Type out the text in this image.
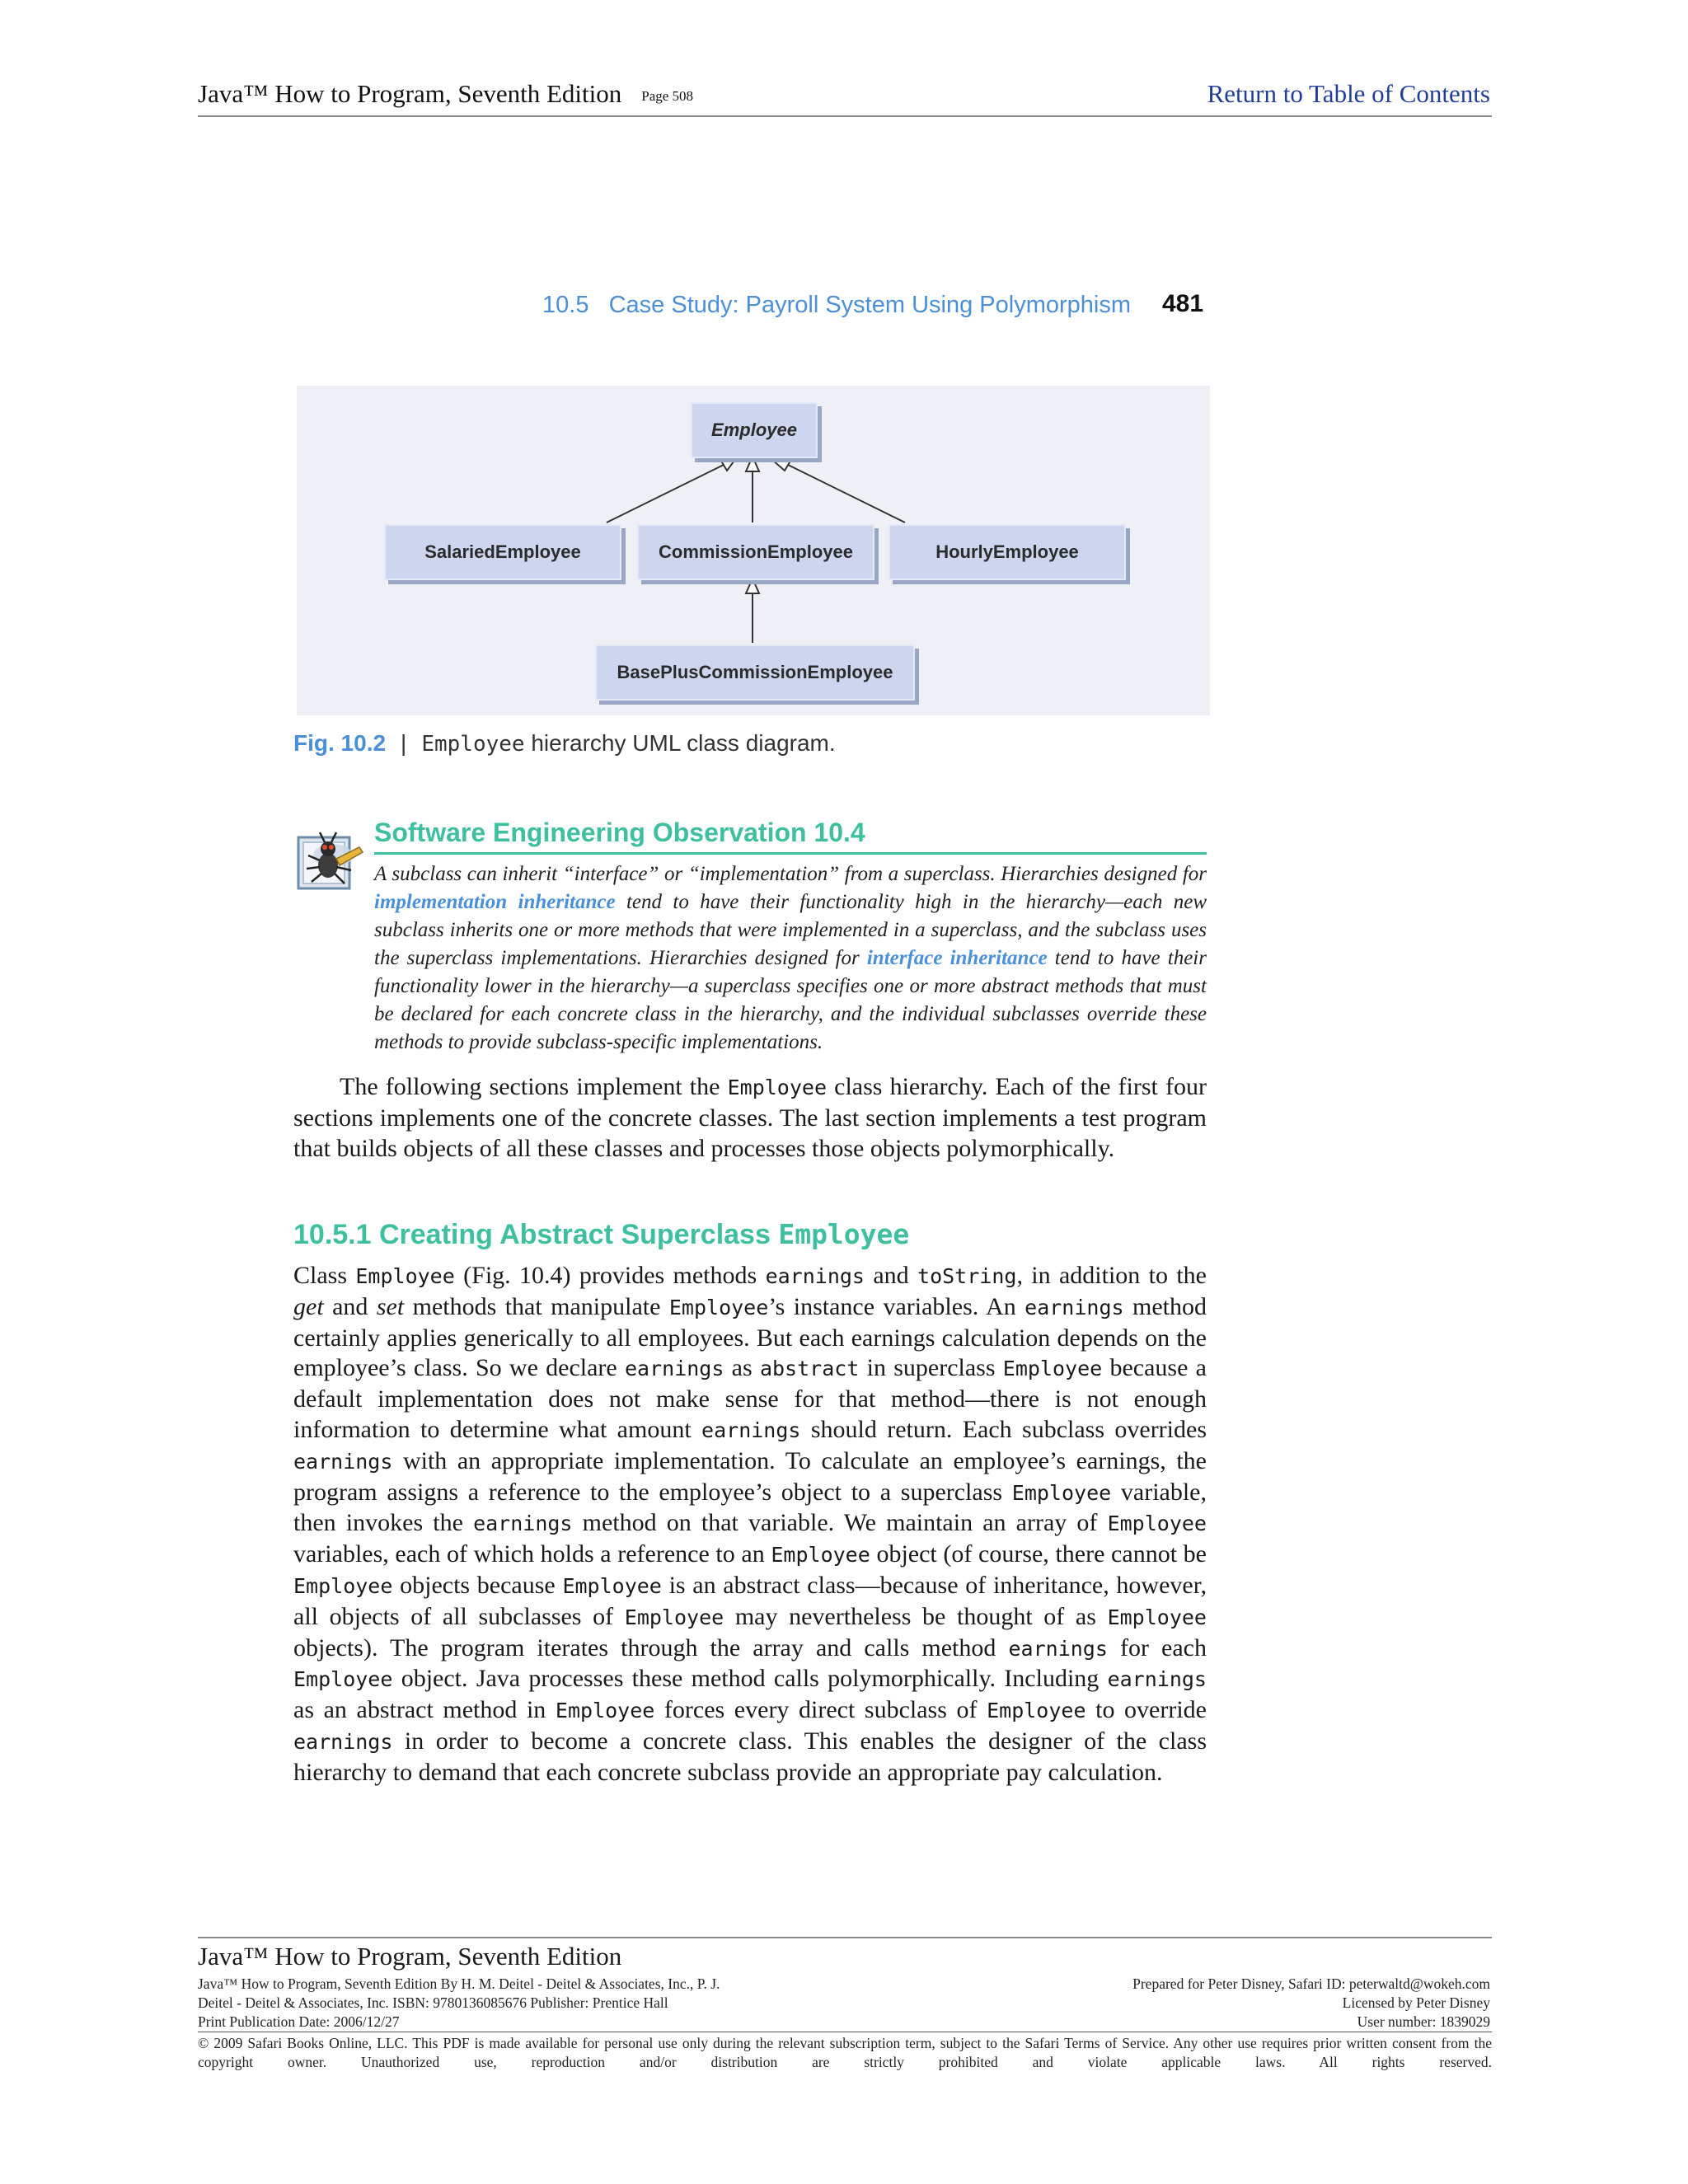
Java™ How to Program, Seventh Edition Page 508	Return to Table of Contents
10.5   Case Study: Payroll System Using Polymorphism 481
Employee
SalariedEmployee	CommissionEmployee	HourlyEmployee
BasePlusCommissionEmployee
Fig. 10.2 | Employee hierarchy UML class diagram.
Software Engineering Observation 10.4
A subclass can inherit “interface” or “implementation” from a superclass. Hierarchies designed for implementation inheritance tend to have their functionality high in the hierarchy—each new subclass inherits one or more methods that were implemented in a superclass, and the subclass uses the superclass implementations. Hierarchies designed for interface inheritance tend to have their functionality lower in the hierarchy—a superclass specifies one or more abstract methods that must be declared for each concrete class in the hierarchy, and the individual subclasses override these methods to provide subclass-specific implementations.
The following sections implement the Employee class hierarchy. Each of the first four sections implements one of the concrete classes. The last section implements a test program that builds objects of all these classes and processes those objects polymorphically.
10.5.1 Creating Abstract Superclass Employee
Class Employee (Fig. 10.4) provides methods earnings and toString, in addition to the get and set methods that manipulate Employee’s instance variables. An earnings method certainly applies generically to all employees. But each earnings calculation depends on the employee’s class. So we declare earnings as abstract in superclass Employee because a default implementation does not make sense for that method—there is not enough information to determine what amount earnings should return. Each subclass overrides earnings with an appropriate implementation. To calculate an employee’s earnings, the program assigns a reference to the employee’s object to a superclass Employee variable, then invokes the earnings method on that variable. We maintain an array of Employee variables, each of which holds a reference to an Employee object (of course, there cannot be Employee objects because Employee is an abstract class—because of inheritance, however, all objects of all subclasses of Employee may nevertheless be thought of as Employee objects). The program iterates through the array and calls method earnings for each Employee object. Java processes these method calls polymorphically. Including earnings as an abstract method in Employee forces every direct subclass of Employee to override earnings in order to become a concrete class. This enables the designer of the class hierarchy to demand that each concrete subclass provide an appropriate pay calculation.
Java™ How to Program, Seventh Edition
Java™ How to Program, Seventh Edition By H. M. Deitel - Deitel & Associates, Inc., P. J.
Deitel - Deitel & Associates, Inc. ISBN: 9780136085676 Publisher: Prentice Hall
Print Publication Date: 2006/12/27
Prepared for Peter Disney, Safari ID: peterwaltd@wokeh.com
Licensed by Peter Disney
User number: 1839029
© 2009 Safari Books Online, LLC. This PDF is made available for personal use only during the relevant subscription term, subject to the Safari Terms of Service. Any other use requires prior written consent from the copyright owner. Unauthorized use, reproduction and/or distribution are strictly prohibited and violate applicable laws. All rights reserved.
